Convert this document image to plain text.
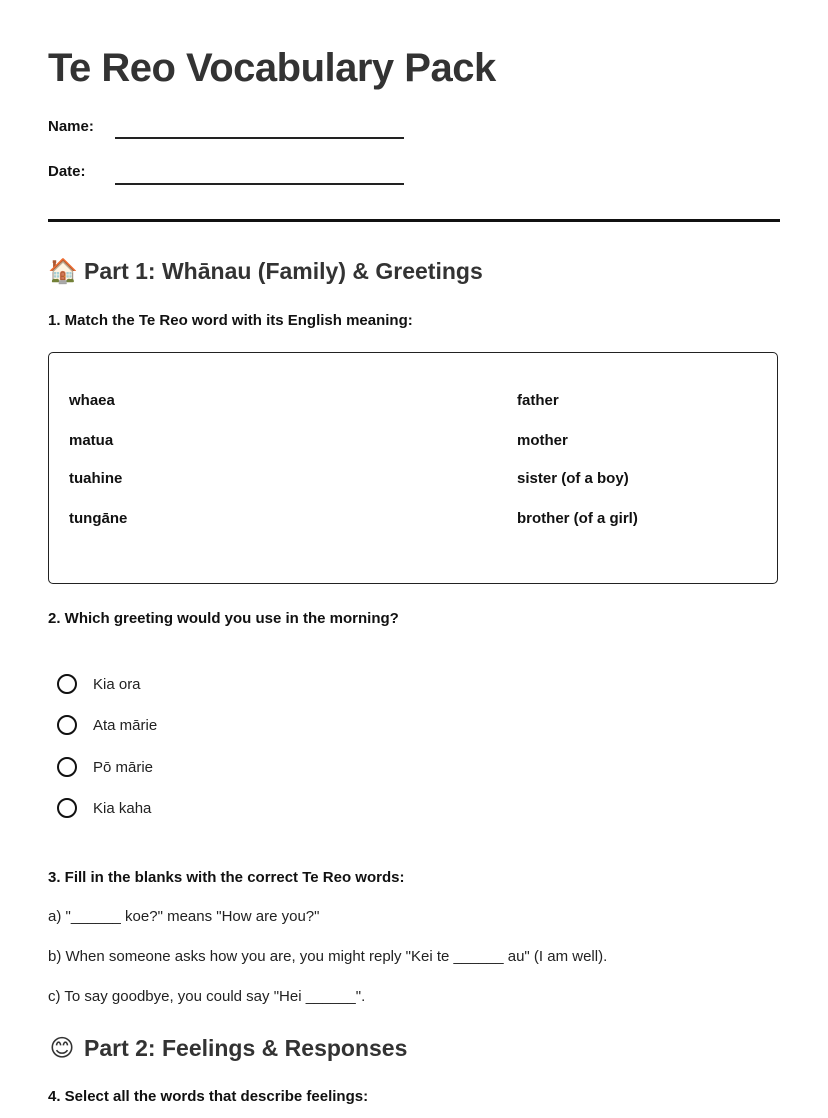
Te Reo Vocabulary Pack
Name:
Date:
🏠 Part 1: Whānau (Family) & Greetings
1. Match the Te Reo word with its English meaning:
whaea
matua
tuahine
tungāne
father
mother
sister (of a boy)
brother (of a girl)
2. Which greeting would you use in the morning?
Kia ora
Ata mārie
Pō mārie
Kia kaha
3. Fill in the blanks with the correct Te Reo words:
a) "______ koe?" means "How are you?"
b) When someone asks how you are, you might reply "Kei te ______ au" (I am well).
c) To say goodbye, you could say "Hei ______".
😊 Part 2: Feelings & Responses
4. Select all the words that describe feelings:
